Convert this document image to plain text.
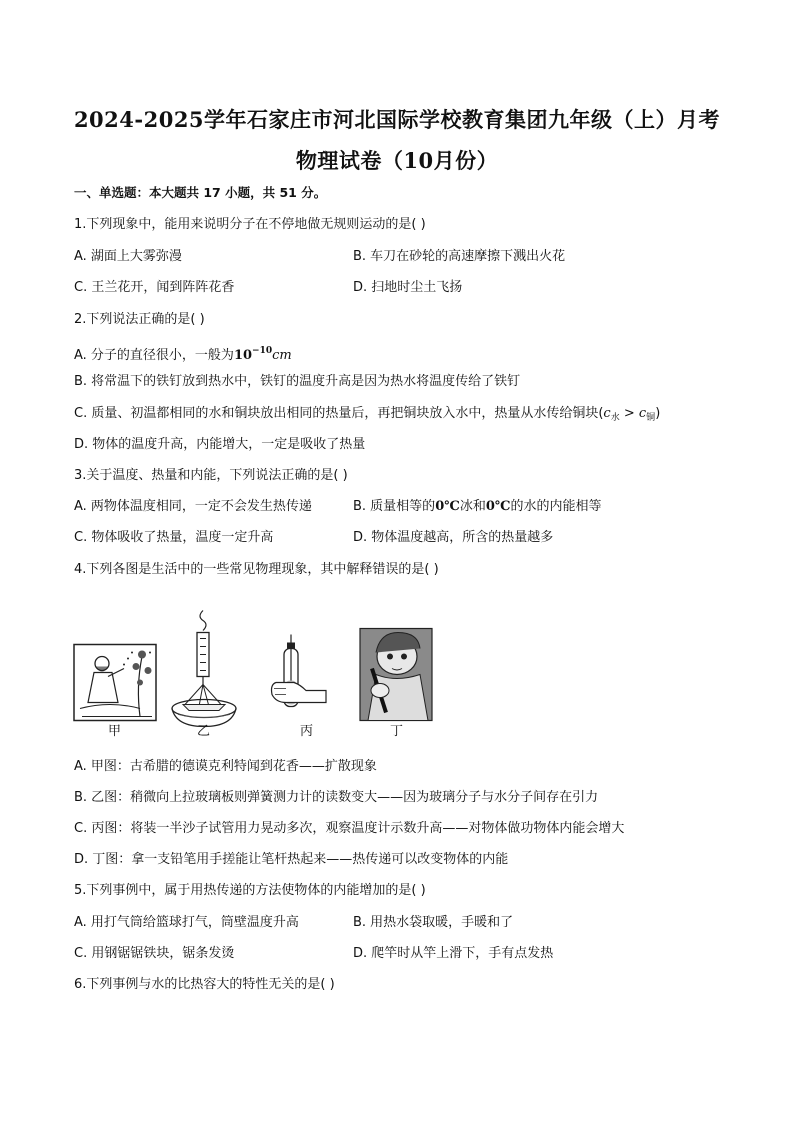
2024-2025学年石家庄市河北国际学校教育集团九年级（上）月考
物理试卷（10月份）
一、单选题：本大题共 17 小题，共 51 分。
1.下列现象中，能用来说明分子在不停地做无规则运动的是( )
A. 湖面上大雾弥漫	B. 车刀在砂轮的高速摩擦下溅出火花
C. 王兰花开，闻到阵阵花香	D. 扫地时尘土飞扬
2.下列说法正确的是( )
A. 分子的直径很小，一般为$10^{-10}cm$
B. 将常温下的铁钉放到热水中，铁钉的温度升高是因为热水将温度传给了铁钉
C. 质量、初温都相同的水和铜块放出相同的热量后，再把铜块放入水中，热量从水传给铜块$(c_水 > c_铜)$
D. 物体的温度升高，内能增大，一定是吸收了热量
3.关于温度、热量和内能，下列说法正确的是( )
A. 两物体温度相同，一定不会发生热传递	B. 质量相等的0℃冰和0℃的水的内能相等
C. 物体吸收了热量，温度一定升高	D. 物体温度越高，所含的热量越多
4.下列各图是生活中的一些常见物理现象，其中解释错误的是( )
甲	乙	丙	丁
A. 甲图：古希腊的德谟克利特闻到花香——扩散现象
B. 乙图：稍微向上拉玻璃板则弹簧测力计的读数变大——因为玻璃分子与水分子间存在引力
C. 丙图：将装一半沙子试管用力晃动多次，观察温度计示数升高——对物体做功物体内能会增大
D. 丁图：拿一支铅笔用手搓能让笔杆热起来——热传递可以改变物体的内能
5.下列事例中，属于用热传递的方法使物体的内能增加的是( )
A. 用打气筒给篮球打气，筒壁温度升高	B. 用热水袋取暖，手暖和了
C. 用钢锯锯铁块，锯条发烫	D. 爬竿时从竿上滑下，手有点发热
6.下列事例与水的比热容大的特性无关的是( )
